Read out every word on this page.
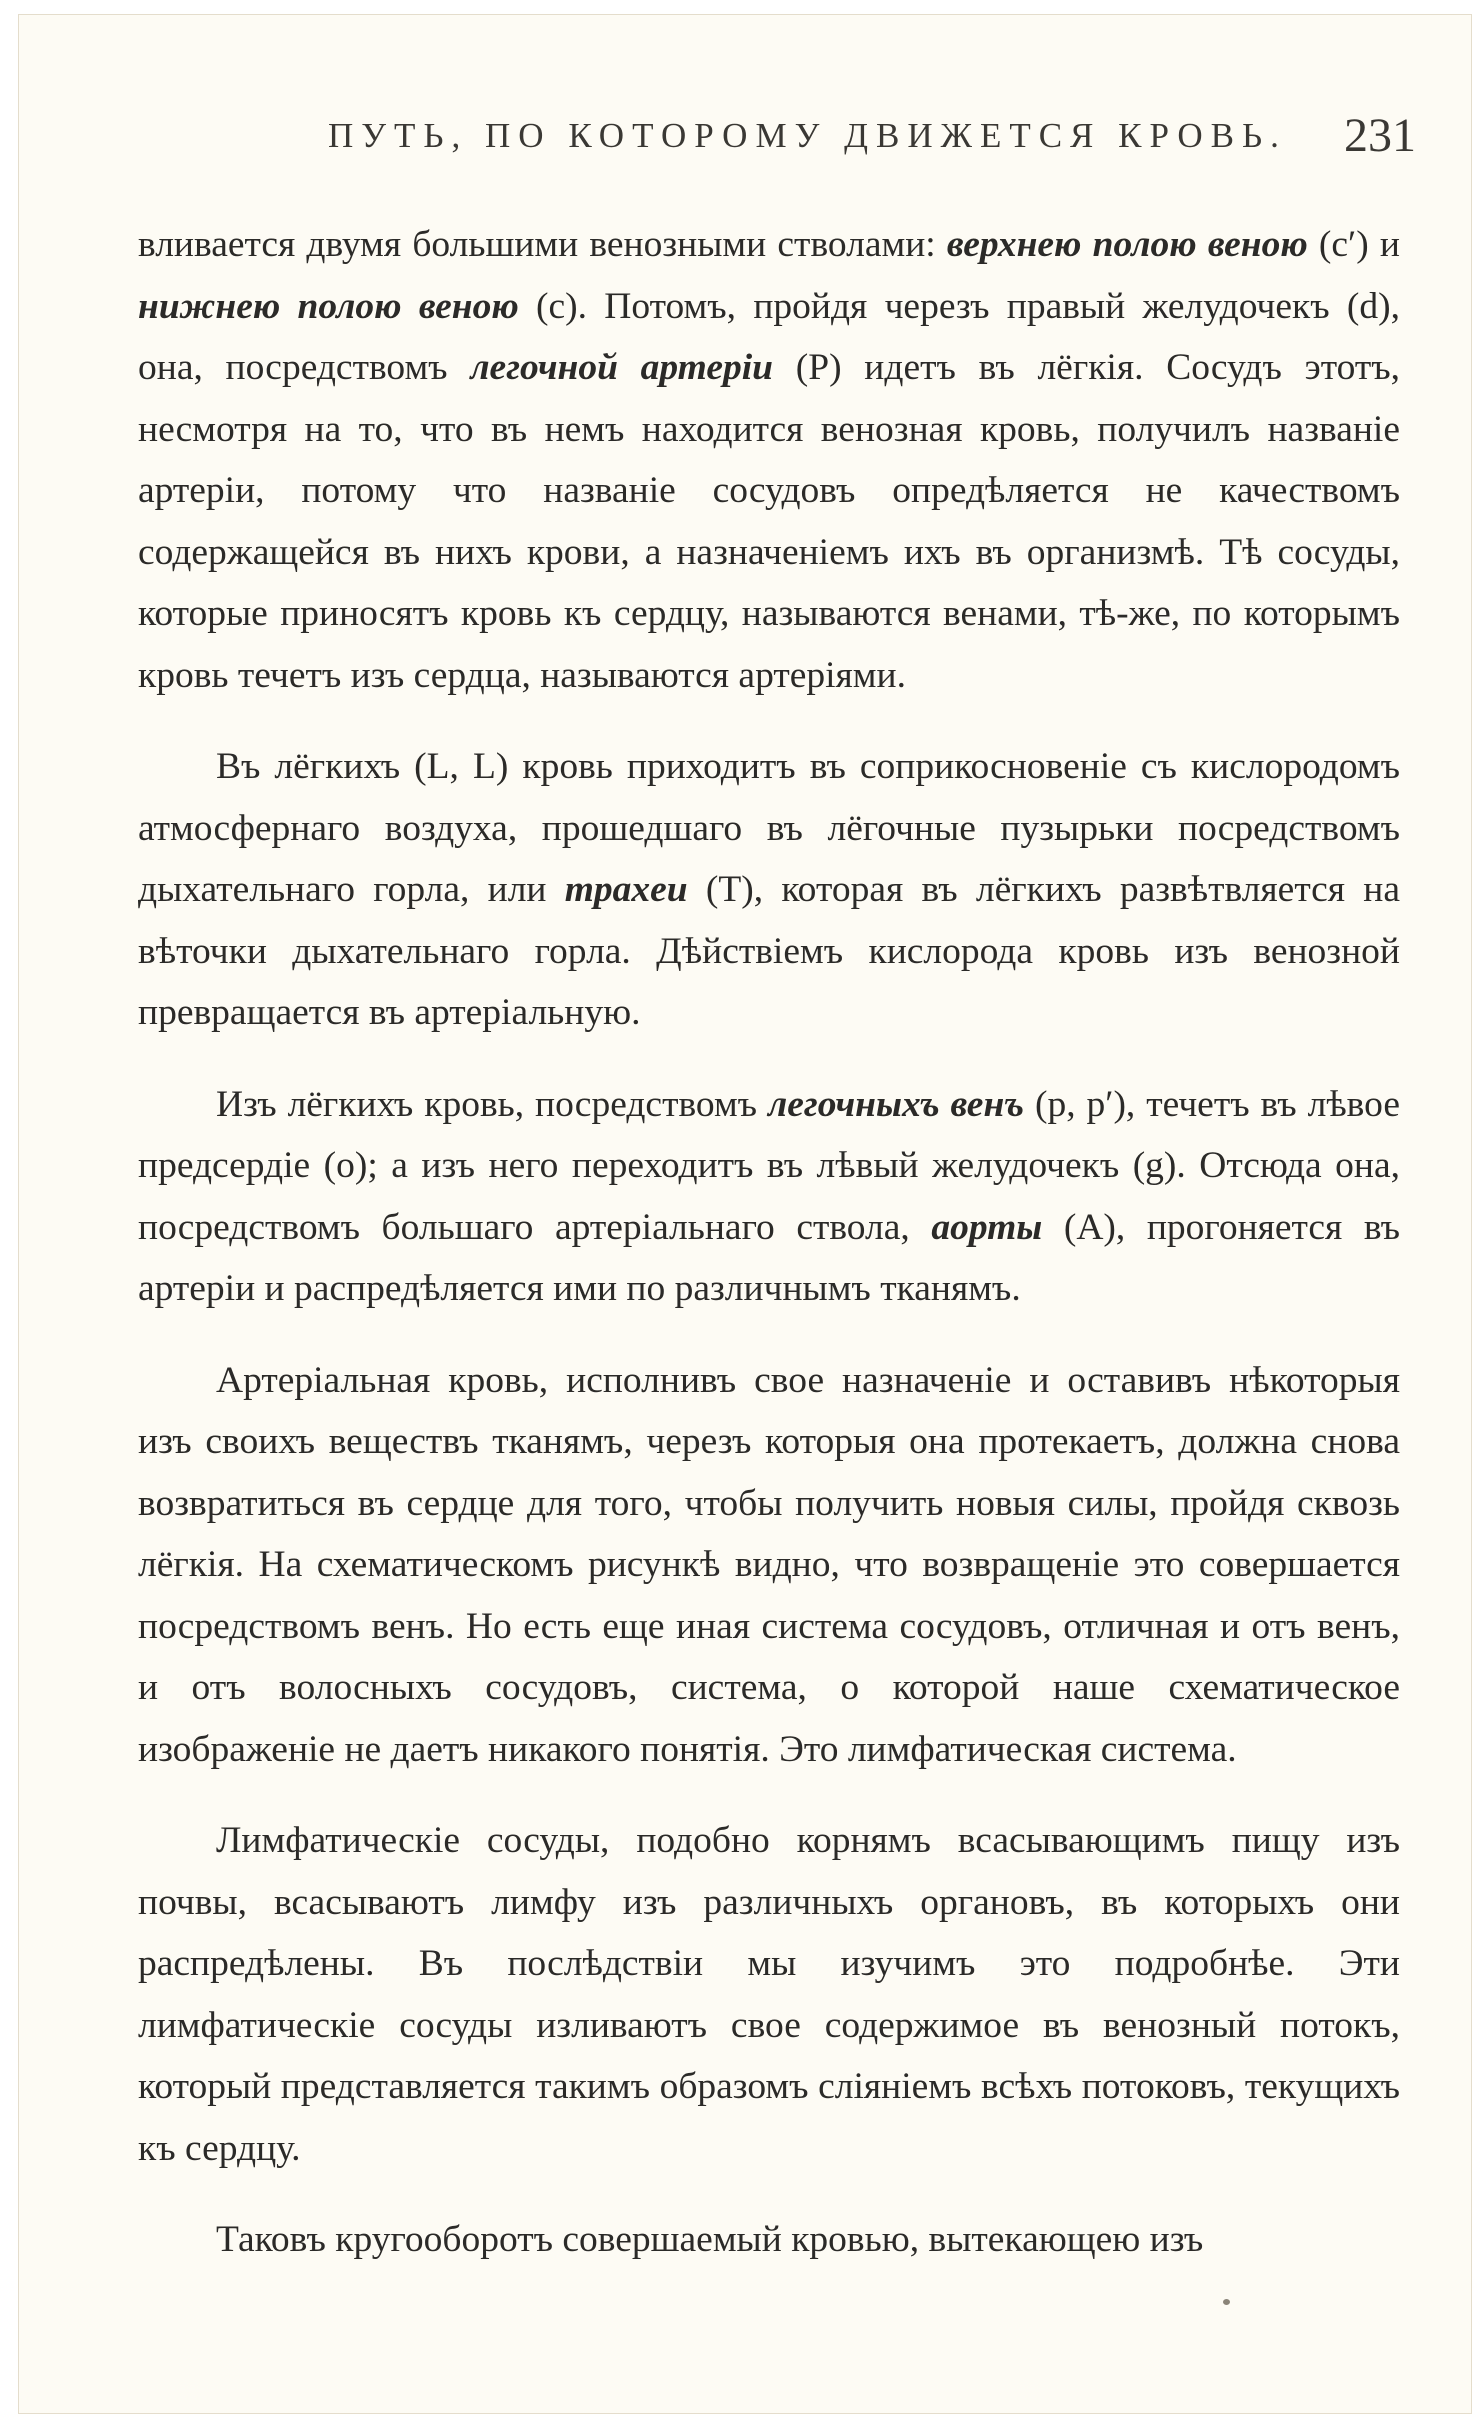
ПУТЬ, ПО КОТОРОМУ ДВИЖЕТСЯ КРОВЬ. 231

вливается двумя большими венозными стволами: верхнею полою веною (c′) и нижнею полою веною (c). Потомъ, пройдя черезъ правый желудочекъ (d), она, посредствомъ легочной артеріи (P) идетъ въ лёгкія. Сосудъ этотъ, несмотря на то, что въ немъ находится венозная кровь, получилъ названіе артеріи, потому что названіе сосудовъ опредѣляется не качествомъ содержащейся въ нихъ крови, а назначеніемъ ихъ въ организмѣ. Тѣ сосуды, которые приносятъ кровь къ сердцу, называются венами, тѣ-же, по которымъ кровь течетъ изъ сердца, называются артеріями.

Въ лёгкихъ (L, L) кровь приходитъ въ соприкосновеніе съ кислородомъ атмосфернаго воздуха, прошедшаго въ лёгочные пузырьки посредствомъ дыхательнаго горла, или трахеи (T), которая въ лёгкихъ развѣтвляется на вѣточки дыхательнаго горла. Дѣйствіемъ кислорода кровь изъ венозной превращается въ артеріальную.

Изъ лёгкихъ кровь, посредствомъ легочныхъ венъ (p, p′), течетъ въ лѣвое предсердіе (o); а изъ него переходитъ въ лѣвый желудочекъ (g). Отсюда она, посредствомъ большаго артеріальнаго ствола, аорты (A), прогоняется въ артеріи и распредѣляется ими по различнымъ тканямъ.

Артеріальная кровь, исполнивъ свое назначеніе и оставивъ нѣкоторыя изъ своихъ веществъ тканямъ, черезъ которыя она протекаетъ, должна снова возвратиться въ сердце для того, чтобы получить новыя силы, пройдя сквозь лёгкія. На схематическомъ рисункѣ видно, что возвращеніе это совершается посредствомъ венъ. Но есть еще иная система сосудовъ, отличная и отъ венъ, и отъ волосныхъ сосудовъ, система, о которой наше схематическое изображеніе не даетъ никакого понятія. Это лимфатическая система.

Лимфатическіе сосуды, подобно корнямъ всасывающимъ пищу изъ почвы, всасываютъ лимфу изъ различныхъ органовъ, въ которыхъ они распредѣлены. Въ послѣдствіи мы изучимъ это подробнѣе. Эти лимфатическіе сосуды изливаютъ свое содержимое въ венозный потокъ, который представляется такимъ образомъ сліяніемъ всѣхъ потоковъ, текущихъ къ сердцу.

Таковъ кругооборотъ совершаемый кровью, вытекающею изъ
